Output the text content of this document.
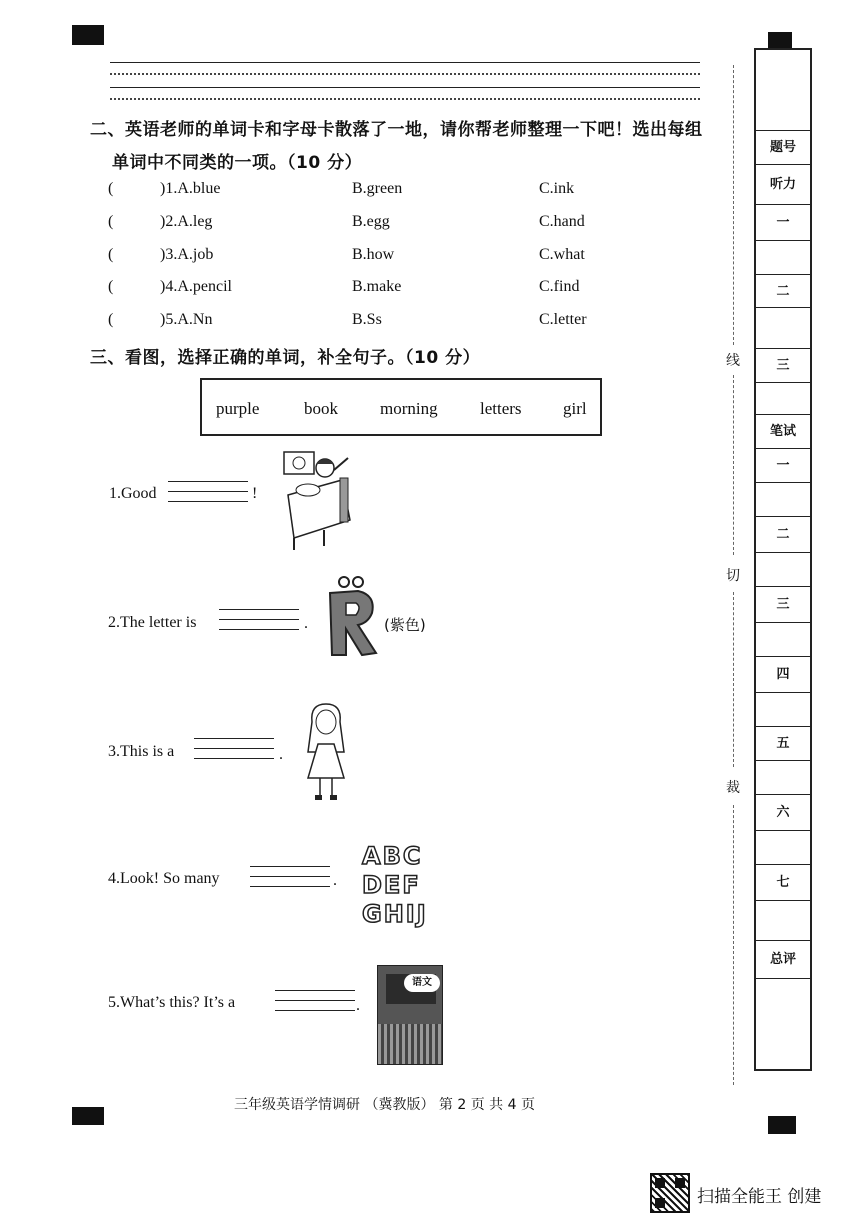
二、英语老师的单词卡和字母卡散落了一地，请你帮老师整理一下吧！选出每组
单词中不同类的一项。（10 分）
(	)1.A.blue	B.green	C.ink
(	)2.A.leg	B.egg	C.hand
(	)3.A.job	B.how	C.what
(	)4.A.pencil	B.make	C.find
(	)5.A.Nn	B.Ss	C.letter
三、看图，选择正确的单词，补全句子。（10 分）
purple	book morning letters girl
1.Good	!
2.The letter is	.	(紫色)
3.This is a	.
4.Look! So many	.
ABC
DEF
GHIJ
5.What’s this? It’s a	.
语文
线
切
裁
题号
听力
一
二
三
笔试
一
二
三
四
五
六
七
总评
三年级英语学情调研 （冀教版） 第 2 页 共 4 页
扫描全能王 创建
